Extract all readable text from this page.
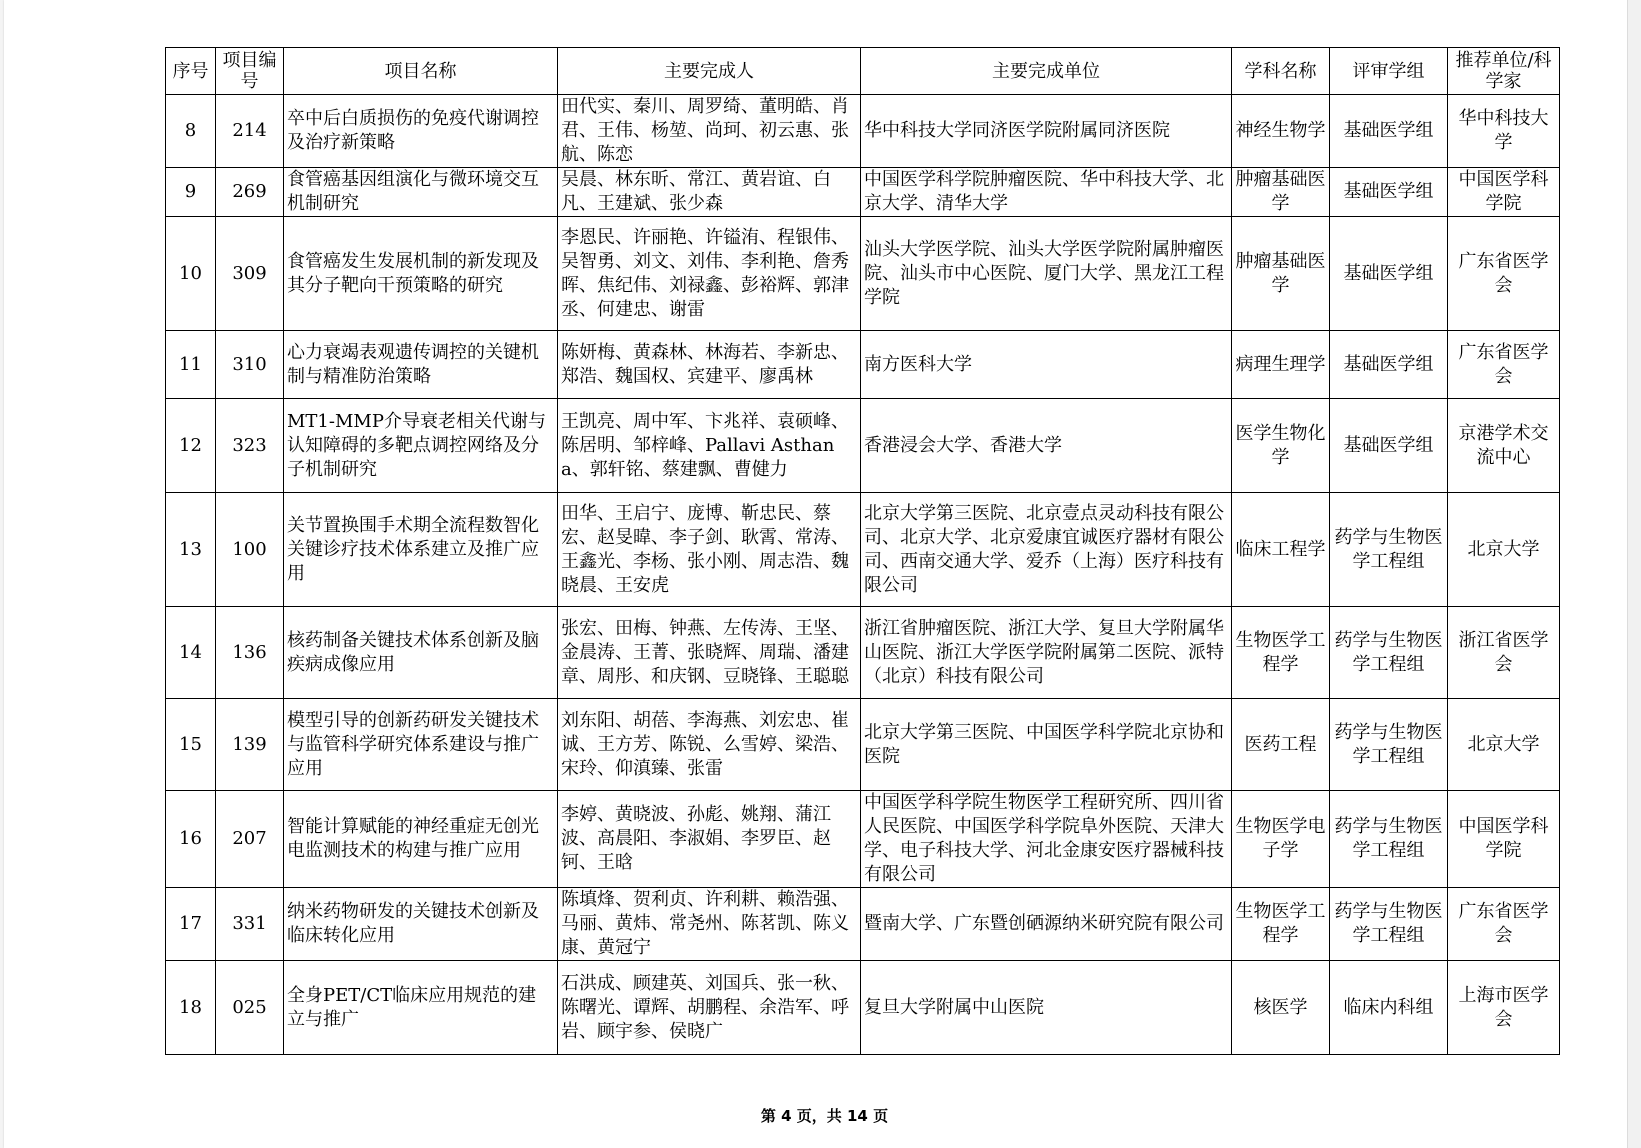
序号	项目编号	项目名称	主要完成人	主要完成单位	学科名称	评审学组	推荐单位/科学家
8	214	卒中后白质损伤的免疫代谢调控及治疗新策略	田代实、秦川、周罗绮、董明皓、肖君、王伟、杨堃、尚珂、初云惠、张航、陈恋	华中科技大学同济医学院附属同济医院	神经生物学	基础医学组	华中科技大学
9	269	食管癌基因组演化与微环境交互机制研究	吴晨、林东昕、常江、黄岩谊、白凡、王建斌、张少森	中国医学科学院肿瘤医院、华中科技大学、北京大学、清华大学	肿瘤基础医学	基础医学组	中国医学科学院
10	309	食管癌发生发展机制的新发现及其分子靶向干预策略的研究	李恩民、许丽艳、许镒洧、程银伟、吴智勇、刘文、刘伟、李利艳、詹秀晖、焦纪伟、刘禄鑫、彭裕辉、郭津丞、何建忠、谢雷	汕头大学医学院、汕头大学医学院附属肿瘤医院、汕头市中心医院、厦门大学、黑龙江工程学院	肿瘤基础医学	基础医学组	广东省医学会
11	310	心力衰竭表观遗传调控的关键机制与精准防治策略	陈妍梅、黄森林、林海若、李新忠、郑浩、魏国权、宾建平、廖禹林	南方医科大学	病理生理学	基础医学组	广东省医学会
12	323	MT1-MMP介导衰老相关代谢与认知障碍的多靶点调控网络及分子机制研究	王凯亮、周中军、卞兆祥、袁硕峰、陈居明、邹梓峰、Pallavi Asthana、郭轩铭、蔡建飘、曹健力	香港浸会大学、香港大学	医学生物化学	基础医学组	京港学术交流中心
13	100	关节置换围手术期全流程数智化关键诊疗技术体系建立及推广应用	田华、王启宁、庞博、靳忠民、蔡宏、赵旻暐、李子剑、耿霄、常涛、王鑫光、李杨、张小刚、周志浩、魏晓晨、王安虎	北京大学第三医院、北京壹点灵动科技有限公司、北京大学、北京爱康宜诚医疗器材有限公司、西南交通大学、爱乔（上海）医疗科技有限公司	临床工程学	药学与生物医学工程组	北京大学
14	136	核药制备关键技术体系创新及脑疾病成像应用	张宏、田梅、钟燕、左传涛、王坚、金晨涛、王菁、张晓辉、周瑞、潘建章、周彤、和庆钢、豆晓锋、王聪聪	浙江省肿瘤医院、浙江大学、复旦大学附属华山医院、浙江大学医学院附属第二医院、派特（北京）科技有限公司	生物医学工程学	药学与生物医学工程组	浙江省医学会
15	139	模型引导的创新药研发关键技术与监管科学研究体系建设与推广应用	刘东阳、胡蓓、李海燕、刘宏忠、崔诚、王方芳、陈锐、么雪婷、梁浩、宋玲、仰滇臻、张雷	北京大学第三医院、中国医学科学院北京协和医院	医药工程	药学与生物医学工程组	北京大学
16	207	智能计算赋能的神经重症无创光电监测技术的构建与推广应用	李婷、黄晓波、孙彪、姚翔、蒲江波、高晨阳、李淑娟、李罗臣、赵钶、王晗	中国医学科学院生物医学工程研究所、四川省人民医院、中国医学科学院阜外医院、天津大学、电子科技大学、河北金康安医疗器械科技有限公司	生物医学电子学	药学与生物医学工程组	中国医学科学院
17	331	纳米药物研发的关键技术创新及临床转化应用	陈填烽、贺利贞、许利耕、赖浩强、马丽、黄炜、常尧州、陈茗凯、陈义康、黄冠宁	暨南大学、广东暨创硒源纳米研究院有限公司	生物医学工程学	药学与生物医学工程组	广东省医学会
18	025	全身PET/CT临床应用规范的建立与推广	石洪成、顾建英、刘国兵、张一秋、陈曙光、谭辉、胡鹏程、余浩军、呼岩、顾宇参、侯晓广	复旦大学附属中山医院	核医学	临床内科组	上海市医学会
第 4 页，共 14 页
